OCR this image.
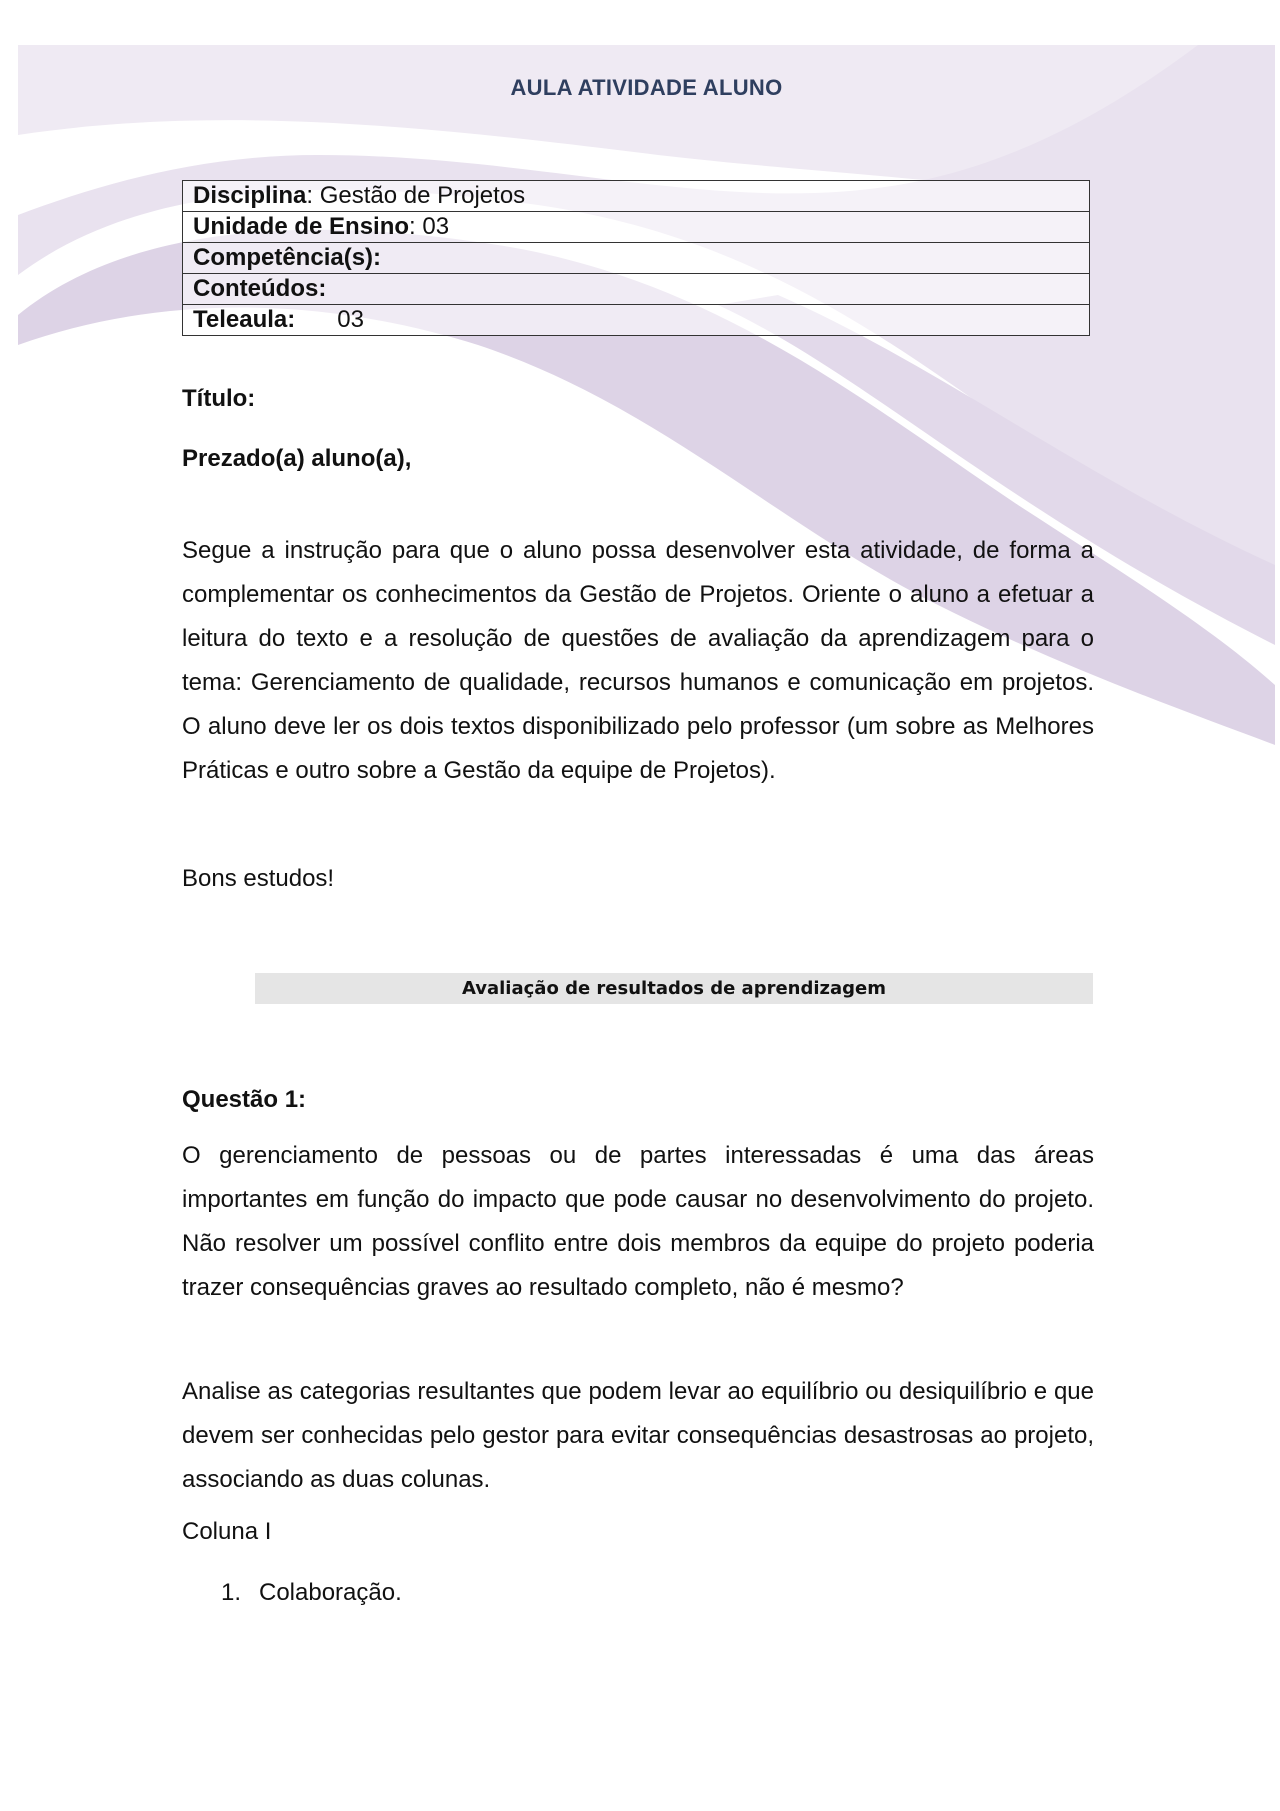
AULA ATIVIDADE ALUNO
Disciplina: Gestão de Projetos
Unidade de Ensino: 03
Competência(s):
Conteúdos:
Teleaula: 03
Título:
Prezado(a) aluno(a),

Segue a instrução para que o aluno possa desenvolver esta atividade, de forma a complementar os conhecimentos da Gestão de Projetos. Oriente o aluno a efetuar a leitura do texto e a resolução de questões de avaliação da aprendizagem para o tema: Gerenciamento de qualidade, recursos humanos e comunicação em projetos. O aluno deve ler os dois textos disponibilizado pelo professor (um sobre as Melhores Práticas e outro sobre a Gestão da equipe de Projetos).

Bons estudos!
Avaliação de resultados de aprendizagem
Questão 1:

O gerenciamento de pessoas ou de partes interessadas é uma das áreas importantes em função do impacto que pode causar no desenvolvimento do projeto. Não resolver um possível conflito entre dois membros da equipe do projeto poderia trazer consequências graves ao resultado completo, não é mesmo?

Analise as categorias resultantes que podem levar ao equilíbrio ou desiquilíbrio e que devem ser conhecidas pelo gestor para evitar consequências desastrosas ao projeto, associando as duas colunas.

Coluna I
1. Colaboração.
